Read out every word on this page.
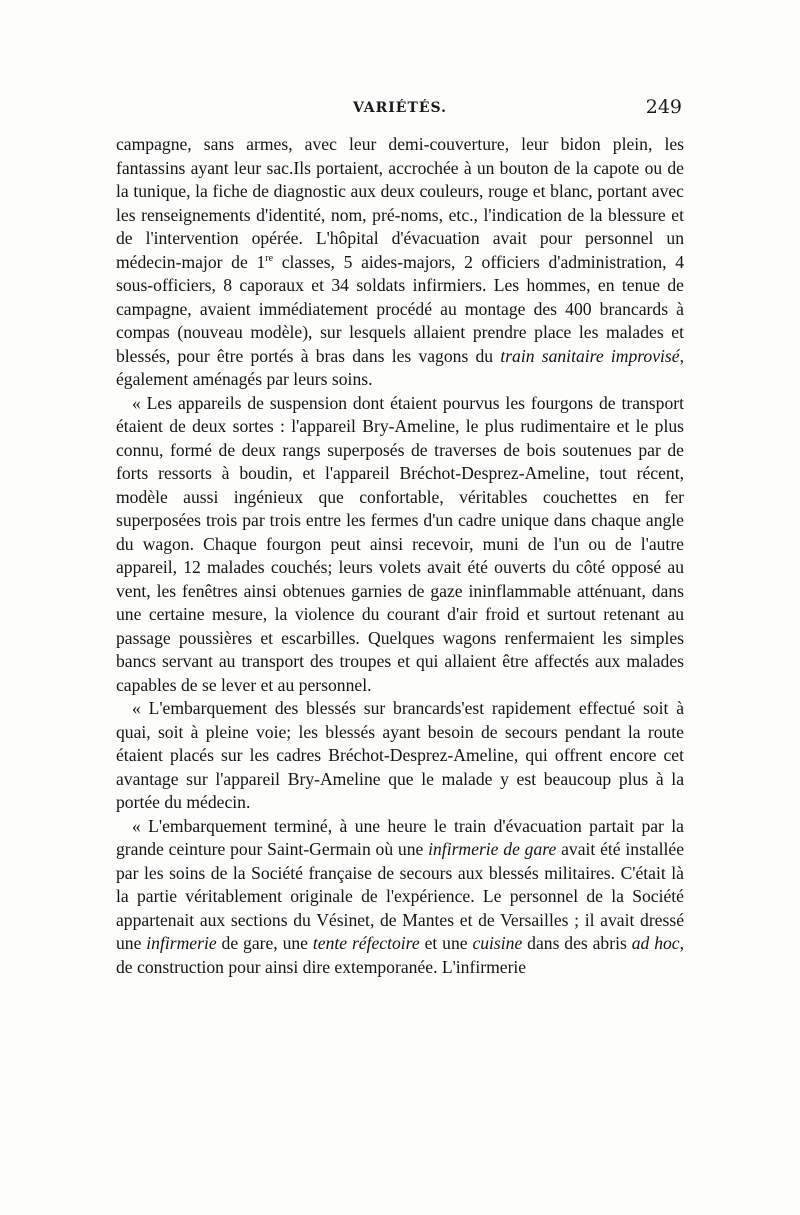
VARIÉTÉS.	249

campagne, sans armes, avec leur demi-couverture, leur bidon plein, les fantassins ayant leur sac.Ils portaient, accrochée à un bouton de la capote ou de la tunique, la fiche de diagnostic aux deux couleurs, rouge et blanc, portant avec les renseignements d'identité, nom, pré-noms, etc., l'indication de la blessure et de l'intervention opérée. L'hôpital d'évacuation avait pour personnel un médecin-major de 1re classes, 5 aides-majors, 2 officiers d'administration, 4 sous-officiers, 8 caporaux et 34 soldats infirmiers. Les hommes, en tenue de campagne, avaient immédiatement procédé au montage des 400 brancards à compas (nouveau modèle), sur lesquels allaient prendre place les malades et blessés, pour être portés à bras dans les vagons du train sanitaire improvisé, également aménagés par leurs soins.

« Les appareils de suspension dont étaient pourvus les fourgons de transport étaient de deux sortes : l'appareil Bry-Ameline, le plus rudimentaire et le plus connu, formé de deux rangs superposés de traverses de bois soutenues par de forts ressorts à boudin, et l'appareil Bréchot-Desprez-Ameline, tout récent, modèle aussi ingénieux que confortable, véritables couchettes en fer superposées trois par trois entre les fermes d'un cadre unique dans chaque angle du wagon. Chaque fourgon peut ainsi recevoir, muni de l'un ou de l'autre appareil, 12 malades couchés; leurs volets avait été ouverts du côté opposé au vent, les fenêtres ainsi obtenues garnies de gaze ininflammable atténuant, dans une certaine mesure, la violence du courant d'air froid et surtout retenant au passage poussières et escarbilles. Quelques wagons renfermaient les simples bancs servant au transport des troupes et qui allaient être affectés aux malades capables de se lever et au personnel.

« L'embarquement des blessés sur brancards'est rapidement effectué soit à quai, soit à pleine voie; les blessés ayant besoin de secours pendant la route étaient placés sur les cadres Bréchot-Desprez-Ameline, qui offrent encore cet avantage sur l'appareil Bry-Ameline que le malade y est beaucoup plus à la portée du médecin.

« L'embarquement terminé, à une heure le train d'évacuation partait par la grande ceinture pour Saint-Germain où une infirmerie de gare avait été installée par les soins de la Société française de secours aux blessés militaires. C'était là la partie véritablement originale de l'expérience. Le personnel de la Société appartenait aux sections du Vésinet, de Mantes et de Versailles ; il avait dressé une infirmerie de gare, une tente réfectoire et une cuisine dans des abris ad hoc, de construction pour ainsi dire extemporanée. L'infirmerie
